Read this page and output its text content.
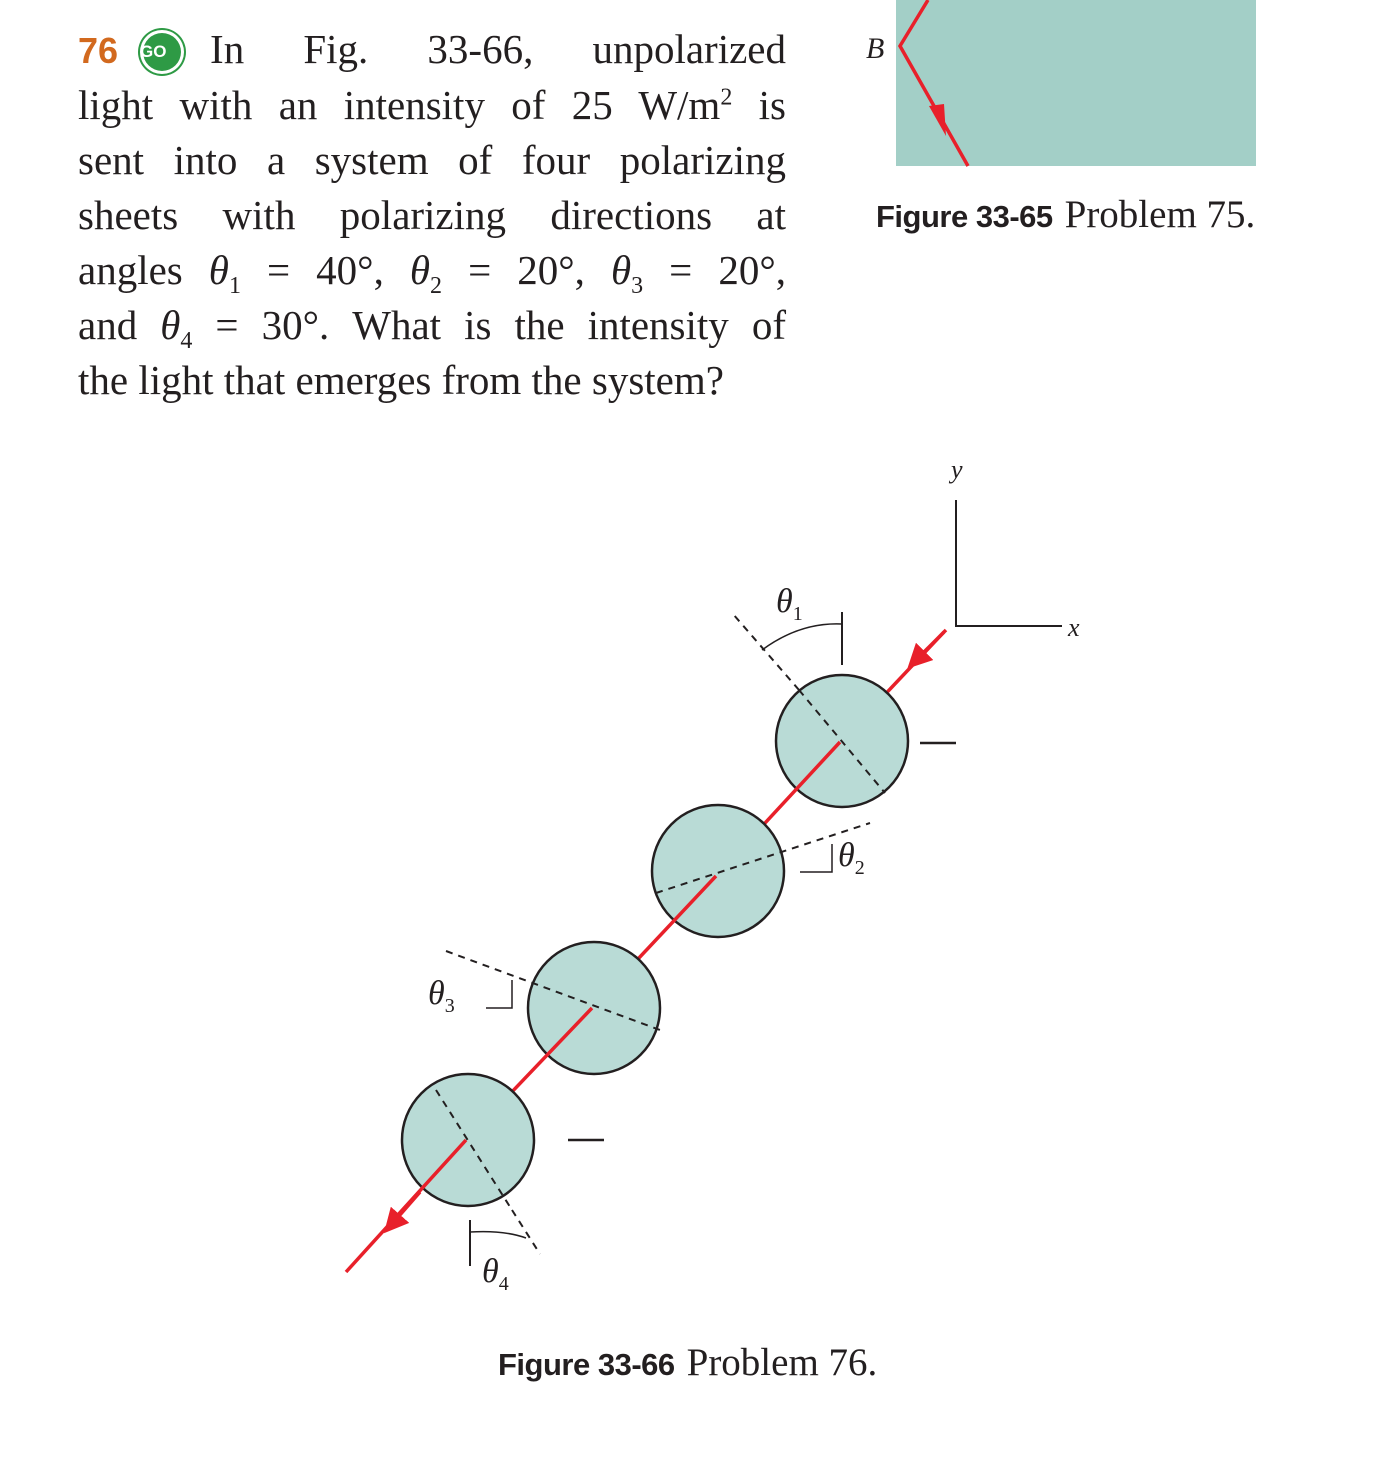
76 GO In Fig. 33-66, unpolarized
light with an intensity of 25 $W/m^2$ is
sent into a system of four polarizing
sheets with polarizing directions at
angles $\theta_1 = 40^\circ$, $\theta_2 = 20^\circ$, $\theta_3 = 20^\circ$,
and $\theta_4 = 30^\circ$. What is the intensity of
the light that emerges from the system?
B
y
x
$\theta_1$
$\theta_2$
$\theta_3$
$\theta_4$
Figure 33-65 Problem 75.
Figure 33-66 Problem 76.
